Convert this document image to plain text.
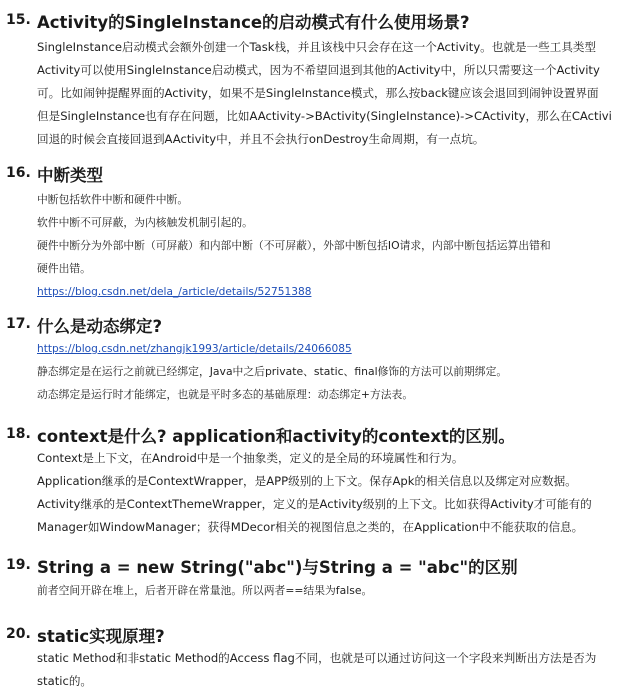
15. Activity的SingleInstance的启动模式有什么使用场景?
SingleInstance启动模式会额外创建一个Task栈，并且该栈中只会存在这一个Activity。也就是一些工具类型
Activity可以使用SingleInstance启动模式，因为不希望回退到其他的Activity中，所以只需要这一个Activity
可。比如闹钟提醒界面的Activity，如果不是SingleInstance模式，那么按back键应该会退回到闹钟设置界面
但是SingleInstance也有存在问题，比如AActivity->BActivity(SingleInstance)->CActivity，那么在CActivi
回退的时候会直接回退到AActivity中，并且不会执行onDestroy生命周期，有一点坑。
16. 中断类型
中断包括软件中断和硬件中断。
软件中断不可屏蔽，为内核触发机制引起的。
硬件中断分为外部中断（可屏蔽）和内部中断（不可屏蔽），外部中断包括IO请求，内部中断包括运算出错和
硬件出错。
https://blog.csdn.net/dela_/article/details/52751388
17. 什么是动态绑定?
https://blog.csdn.net/zhangjk1993/article/details/24066085
静态绑定是在运行之前就已经绑定，Java中之后private、static、final修饰的方法可以前期绑定。
动态绑定是运行时才能绑定，也就是平时多态的基础原理：动态绑定+方法表。
18. context是什么? application和activity的context的区别。
Context是上下文，在Android中是一个抽象类，定义的是全局的环境属性和行为。
Application继承的是ContextWrapper，是APP级别的上下文。保存Apk的相关信息以及绑定对应数据。
Activity继承的是ContextThemeWrapper，定义的是Activity级别的上下文。比如获得Activity才可能有的
Manager如WindowManager；获得MDecor相关的视图信息之类的，在Application中不能获取的信息。
19. String a = new String("abc")与String a = "abc"的区别
前者空间开辟在堆上，后者开辟在常量池。所以两者==结果为false。
20. static实现原理?
static Method和非static Method的Access flag不同，也就是可以通过访问这一个字段来判断出方法是否为
static的。
